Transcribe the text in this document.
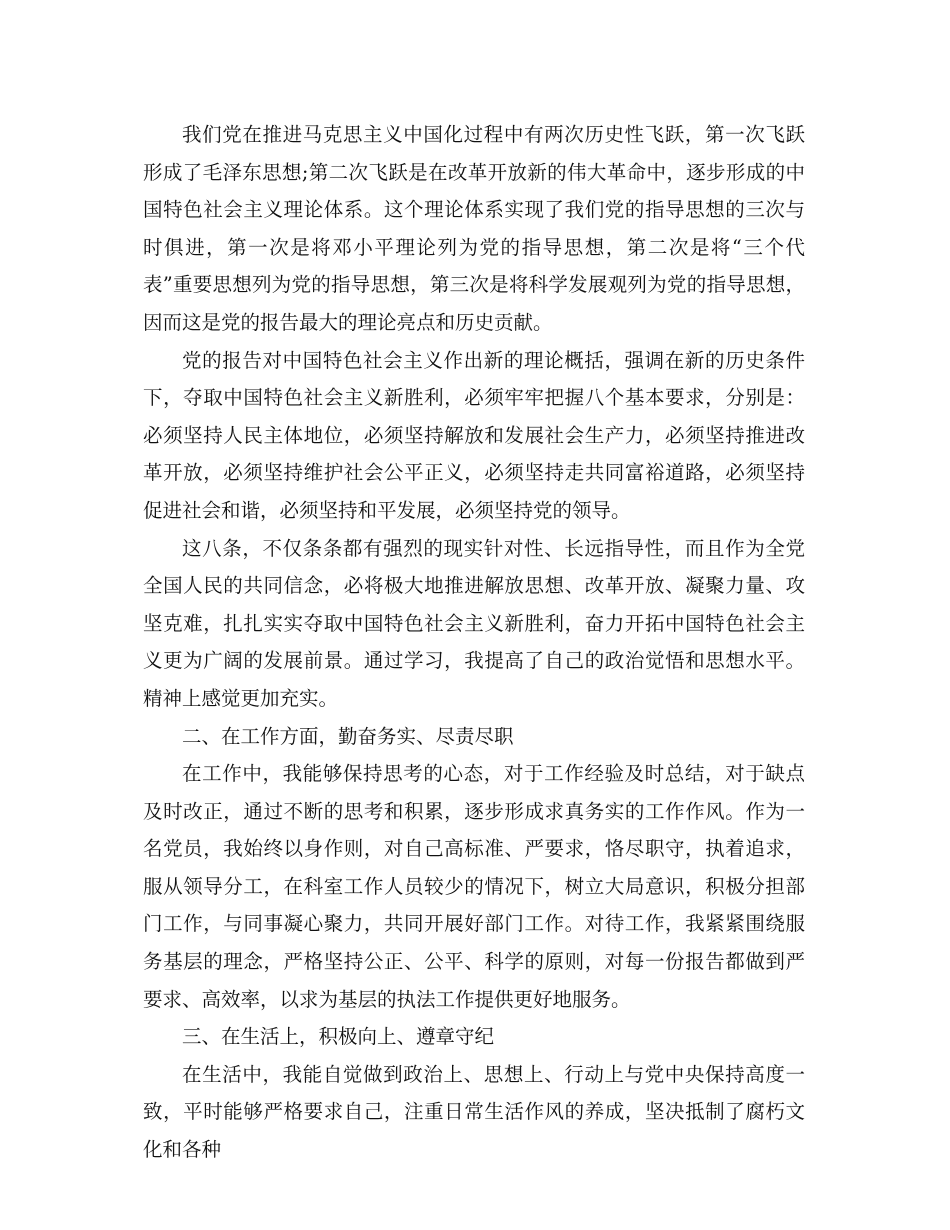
我们党在推进马克思主义中国化过程中有两次历史性飞跃，第一次飞跃形成了毛泽东思想;第二次飞跃是在改革开放新的伟大革命中，逐步形成的中国特色社会主义理论体系。这个理论体系实现了我们党的指导思想的三次与时俱进，第一次是将邓小平理论列为党的指导思想，第二次是将“三个代表”重要思想列为党的指导思想，第三次是将科学发展观列为党的指导思想，因而这是党的报告最大的理论亮点和历史贡献。

党的报告对中国特色社会主义作出新的理论概括，强调在新的历史条件下，夺取中国特色社会主义新胜利，必须牢牢把握八个基本要求，分别是：必须坚持人民主体地位，必须坚持解放和发展社会生产力，必须坚持推进改革开放，必须坚持维护社会公平正义，必须坚持走共同富裕道路，必须坚持促进社会和谐，必须坚持和平发展，必须坚持党的领导。

这八条，不仅条条都有强烈的现实针对性、长远指导性，而且作为全党全国人民的共同信念，必将极大地推进解放思想、改革开放、凝聚力量、攻坚克难，扎扎实实夺取中国特色社会主义新胜利，奋力开拓中国特色社会主义更为广阔的发展前景。通过学习，我提高了自己的政治觉悟和思想水平。精神上感觉更加充实。

二、在工作方面，勤奋务实、尽责尽职

在工作中，我能够保持思考的心态，对于工作经验及时总结，对于缺点及时改正，通过不断的思考和积累，逐步形成求真务实的工作作风。作为一名党员，我始终以身作则，对自己高标准、严要求，恪尽职守，执着追求，服从领导分工，在科室工作人员较少的情况下，树立大局意识，积极分担部门工作，与同事凝心聚力，共同开展好部门工作。对待工作，我紧紧围绕服务基层的理念，严格坚持公正、公平、科学的原则，对每一份报告都做到严要求、高效率，以求为基层的执法工作提供更好地服务。

三、在生活上，积极向上、遵章守纪

在生活中，我能自觉做到政治上、思想上、行动上与党中央保持高度一致，平时能够严格要求自己，注重日常生活作风的养成，坚决抵制了腐朽文化和各种
